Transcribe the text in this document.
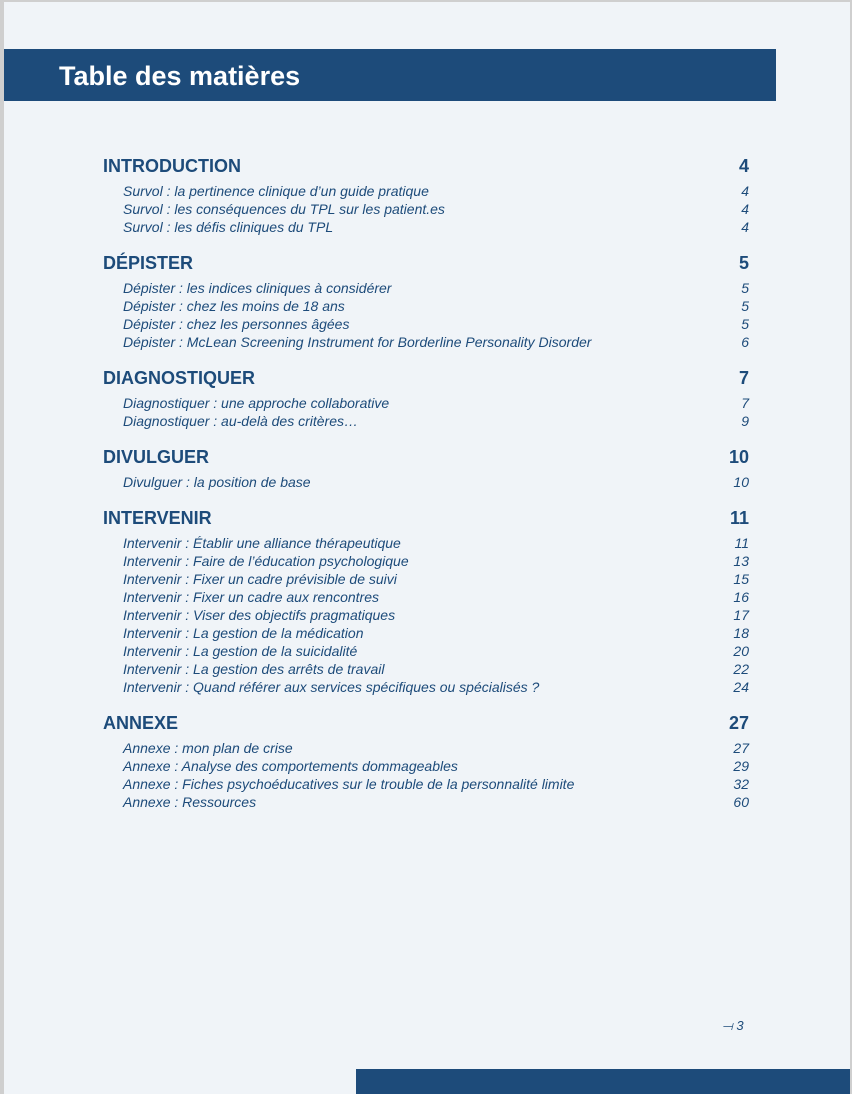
Table des matières
INTRODUCTION	4
Survol : la pertinence clinique d’un guide pratique	4
Survol : les conséquences du TPL sur les patient.es	4
Survol : les défis cliniques du TPL	4
DÉPISTER	5
Dépister : les indices cliniques à considérer	5
Dépister : chez les moins de 18 ans	5
Dépister : chez les personnes âgées	5
Dépister : McLean Screening Instrument for Borderline Personality Disorder	6
DIAGNOSTIQUER	7
Diagnostiquer : une approche collaborative	7
Diagnostiquer : au-delà des critères…	9
DIVULGUER	10
Divulguer : la position de base	10
INTERVENIR	11
Intervenir : Établir une alliance thérapeutique	11
Intervenir : Faire de l’éducation psychologique	13
Intervenir : Fixer un cadre prévisible de suivi	15
Intervenir : Fixer un cadre aux rencontres	16
Intervenir : Viser des objectifs pragmatiques	17
Intervenir : La gestion de la médication	18
Intervenir : La gestion de la suicidalité	20
Intervenir : La gestion des arrêts de travail	22
Intervenir : Quand référer aux services spécifiques ou spécialisés ?	24
ANNEXE	27
Annexe : mon plan de crise	27
Annexe : Analyse des comportements dommageables	29
Annexe : Fiches psychoéducatives sur le trouble de la personnalité limite	32
Annexe : Ressources	60
⟞ 3
